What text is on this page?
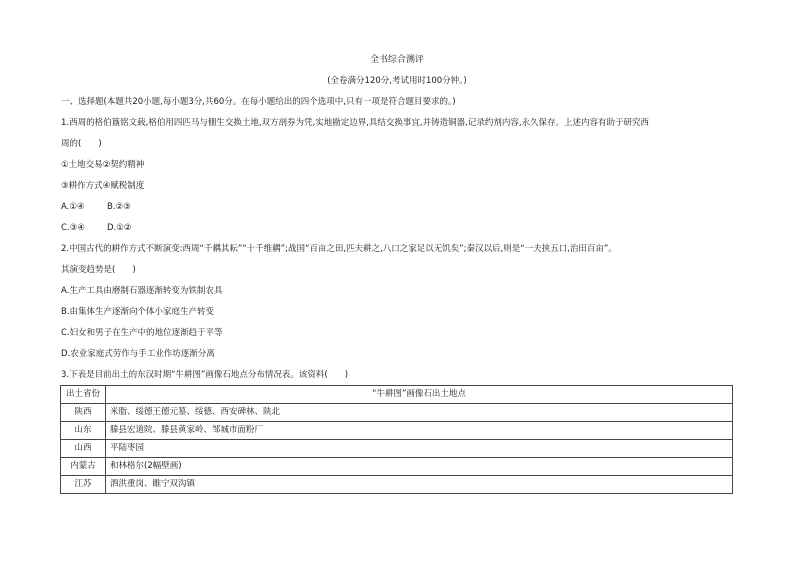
全书综合测评
(全卷满分120分,考试用时100分钟。)
一、选择题(本题共20小题,每小题3分,共60分。在每小题给出的四个选项中,只有一项是符合题目要求的。)
1.西周的格伯簋铭文载,格伯用四匹马与倗生交换土地,双方剖券为凭,实地勘定边界,具结交换事宜,并铸造铜器,记录约剂内容,永久保存。上述内容有助于研究西
周的(　　)
①土地交易②契约精神
③耕作方式④赋税制度
A.①④	B.②③
C.③④	D.①②
2.中国古代的耕作方式不断演变:西周“千耦其耘”“十千维耦”;战国“百亩之田,匹夫耕之,八口之家足以无饥矣”;秦汉以后,则是“一夫挟五口,治田百亩”。
其演变趋势是(　　)
A.生产工具由磨制石器逐渐转变为铁制农具
B.由集体生产逐渐向个体小家庭生产转变
C.妇女和男子在生产中的地位逐渐趋于平等
D.农业家庭式劳作与手工业作坊逐渐分离
3.下表是目前出土的东汉时期“牛耕图”画像石地点分布情况表。该资料(　　)
出土省份	“牛耕图”画像石出土地点
陕西	米脂、绥德王德元墓、绥德、西安碑林、陕北
山东	滕县宏道院、滕县黄家岭、邹城市面粉厂
山西	平陆枣园
内蒙古	和林格尔(2幅壁画)
江苏	泗洪重岗、睢宁双沟镇
